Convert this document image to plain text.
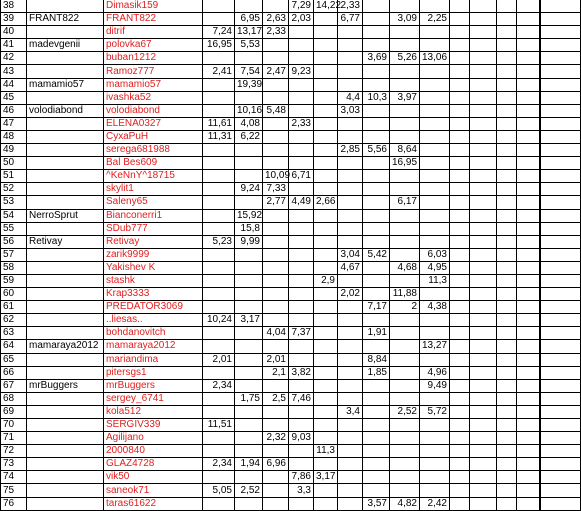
38		Dimasik159				7,29	14,22	2,33											
39	FRANT822	FRANT822		6,95	2,63	2,03		6,77		3,09	2,25								
40		ditrif	7,24	13,17	2,33														
41	madevgenii	polovka67	16,95	5,53															
42		buban1212							3,69	5,26	13,06								
43		Ramoz777	2,41	7,54	2,47	9,23													
44	mamamio57	mamamio57		19,39															
45		ivashka52						4,4	10,3	3,97									
46	volodiabond	volodiabond		10,16	5,48			3,03											
47		ELENA0327	11,61	4,08		2,33													
48		СухаРuH	11,31	6,22															
49		serega681988						2,85	5,56	8,64									
50		Bal Bes609								16,95									
51		^KeNnY^18715			10,09	6,71													
52		skylit1		9,24	7,33														
53		Saleny65			2,77	4,49	2,66			6,17									
54	NerroSprut	Bianconerri1		15,92															
55		SDub777		15,8															
56	Retivay	Retivay	5,23	9,99															
57		zarik9999						3,04	5,42		6,03								
58		Yakishev K						4,67		4,68	4,95								
59		stashk					2,9				11,3								
60		Krap3333						2,02		11,88									
61		PREDATOR3069							7,17	2	4,38								
62		..liesas..	10,24	3,17															
63		bohdanovitch			4,04	7,37			1,91										
64	mamaraya2012	mamaraya2012									13,27								
65		mariandima	2,01		2,01				8,84										
66		pitersgs1			2,1	3,82			1,85		4,96								
67	mrBuggers	mrBuggers	2,34								9,49								
68		sergey_6741		1,75	2,5	7,46													
69		kola512						3,4		2,52	5,72								
70		SERGIV339	11,51																
71		Agilijano			2,32	9,03													
72		2000840					11,3												
73		GLAZ4728	2,34	1,94	6,96														
74		vik50				7,86	3,17												
75		saneok71	5,05	2,52		3,3													
76		taras61622							3,57	4,82	2,42								
